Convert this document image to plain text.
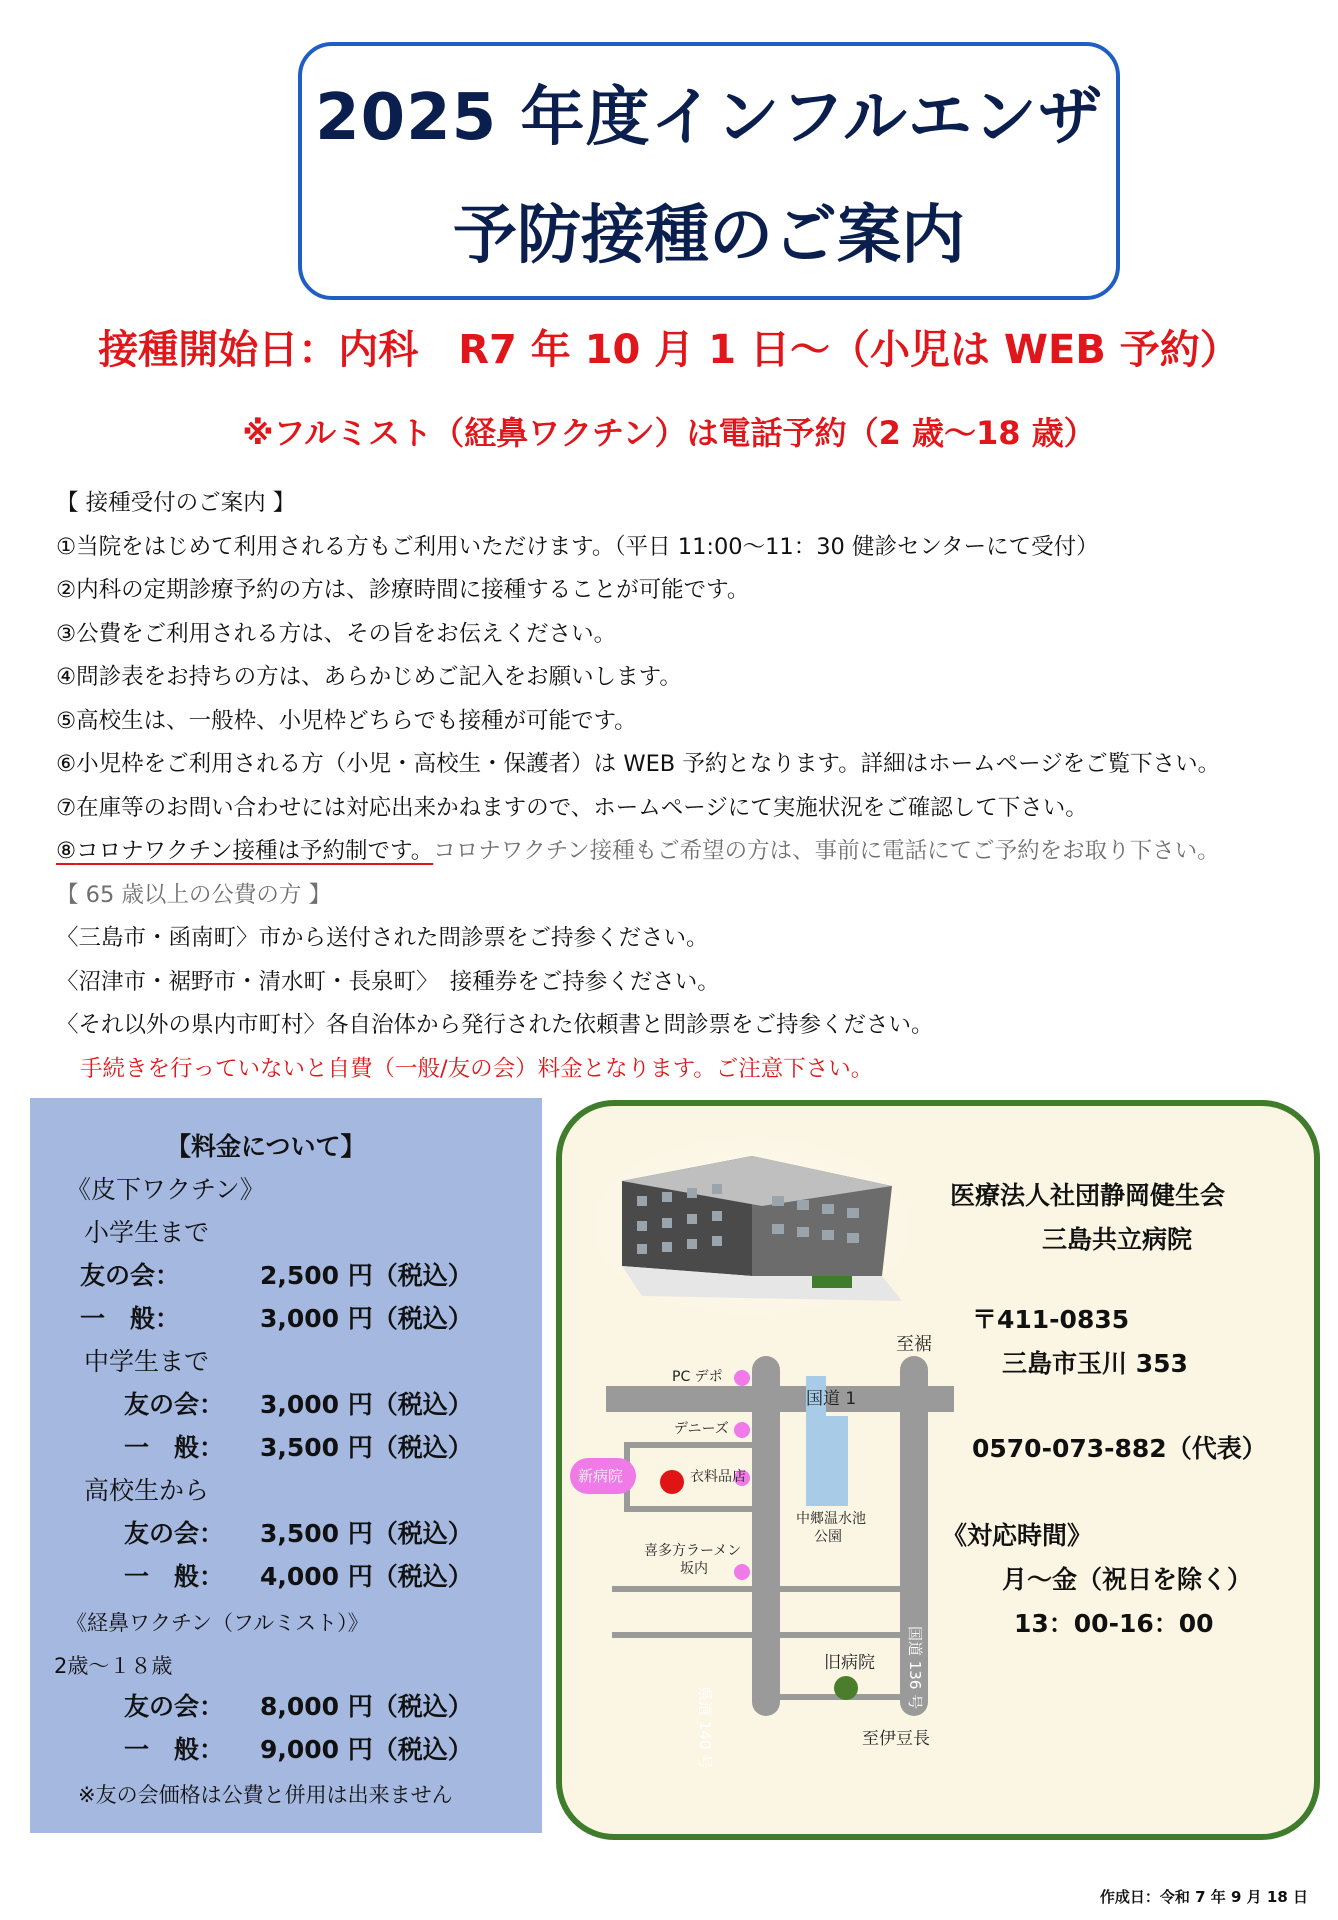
2025 年度インフルエンザ
予防接種のご案内
接種開始日：内科　R7 年 10 月 1 日～（小児は WEB 予約）
※フルミスト（経鼻ワクチン）は電話予約（2 歳～18 歳）
【 接種受付のご案内 】
①当院をはじめて利用される方もご利用いただけます。（平日 11:00～11：30 健診センターにて受付）
②内科の定期診療予約の方は、診療時間に接種することが可能です。
③公費をご利用される方は、その旨をお伝えください。
④問診表をお持ちの方は、あらかじめご記入をお願いします。
⑤高校生は、一般枠、小児枠どちらでも接種が可能です。
⑥小児枠をご利用される方（小児・高校生・保護者）は WEB 予約となります。詳細はホームページをご覧下さい。
⑦在庫等のお問い合わせには対応出来かねますので、ホームページにて実施状況をご確認して下さい。
⑧コロナワクチン接種は予約制です。コロナワクチン接種もご希望の方は、事前に電話にてご予約をお取り下さい。
【 65 歳以上の公費の方 】
〈三島市・函南町〉市から送付された問診票をご持参ください。
〈沼津市・裾野市・清水町・長泉町〉　接種券をご持参ください。
〈それ以外の県内市町村〉各自治体から発行された依頼書と問診票をご持参ください。
手続きを行っていないと自費（一般/友の会）料金となります。ご注意下さい。
【料金について】
《皮下ワクチン》
小学生まで
友の会：	2,500 円（税込）
一　般：	3,000 円（税込）
中学生まで
友の会： 3,000 円（税込）
一　般： 3,500 円（税込）
高校生から
友の会： 3,500 円（税込）
一　般： 4,000 円（税込）
《経鼻ワクチン（フルミスト）》
2歳～１８歳
友の会： 8,000 円（税込）
一　般： 9,000 円（税込）
※友の会価格は公費と併用は出来ません
医療法人社団静岡健生会
三島共立病院
〒411-0835
三島市玉川 353
0570-073-882（代表）
《対応時間》
月～金（祝日を除く）
13：00-16：00
至裾
PC デポ
国道 1
デニーズ
衣料品店
新病院
中郷温水池
公園
喜多方ラーメン
坂内
県道 140 号
国道 136 号
旧病院
至伊豆長
作成日：令和 7 年 9 月 18 日
